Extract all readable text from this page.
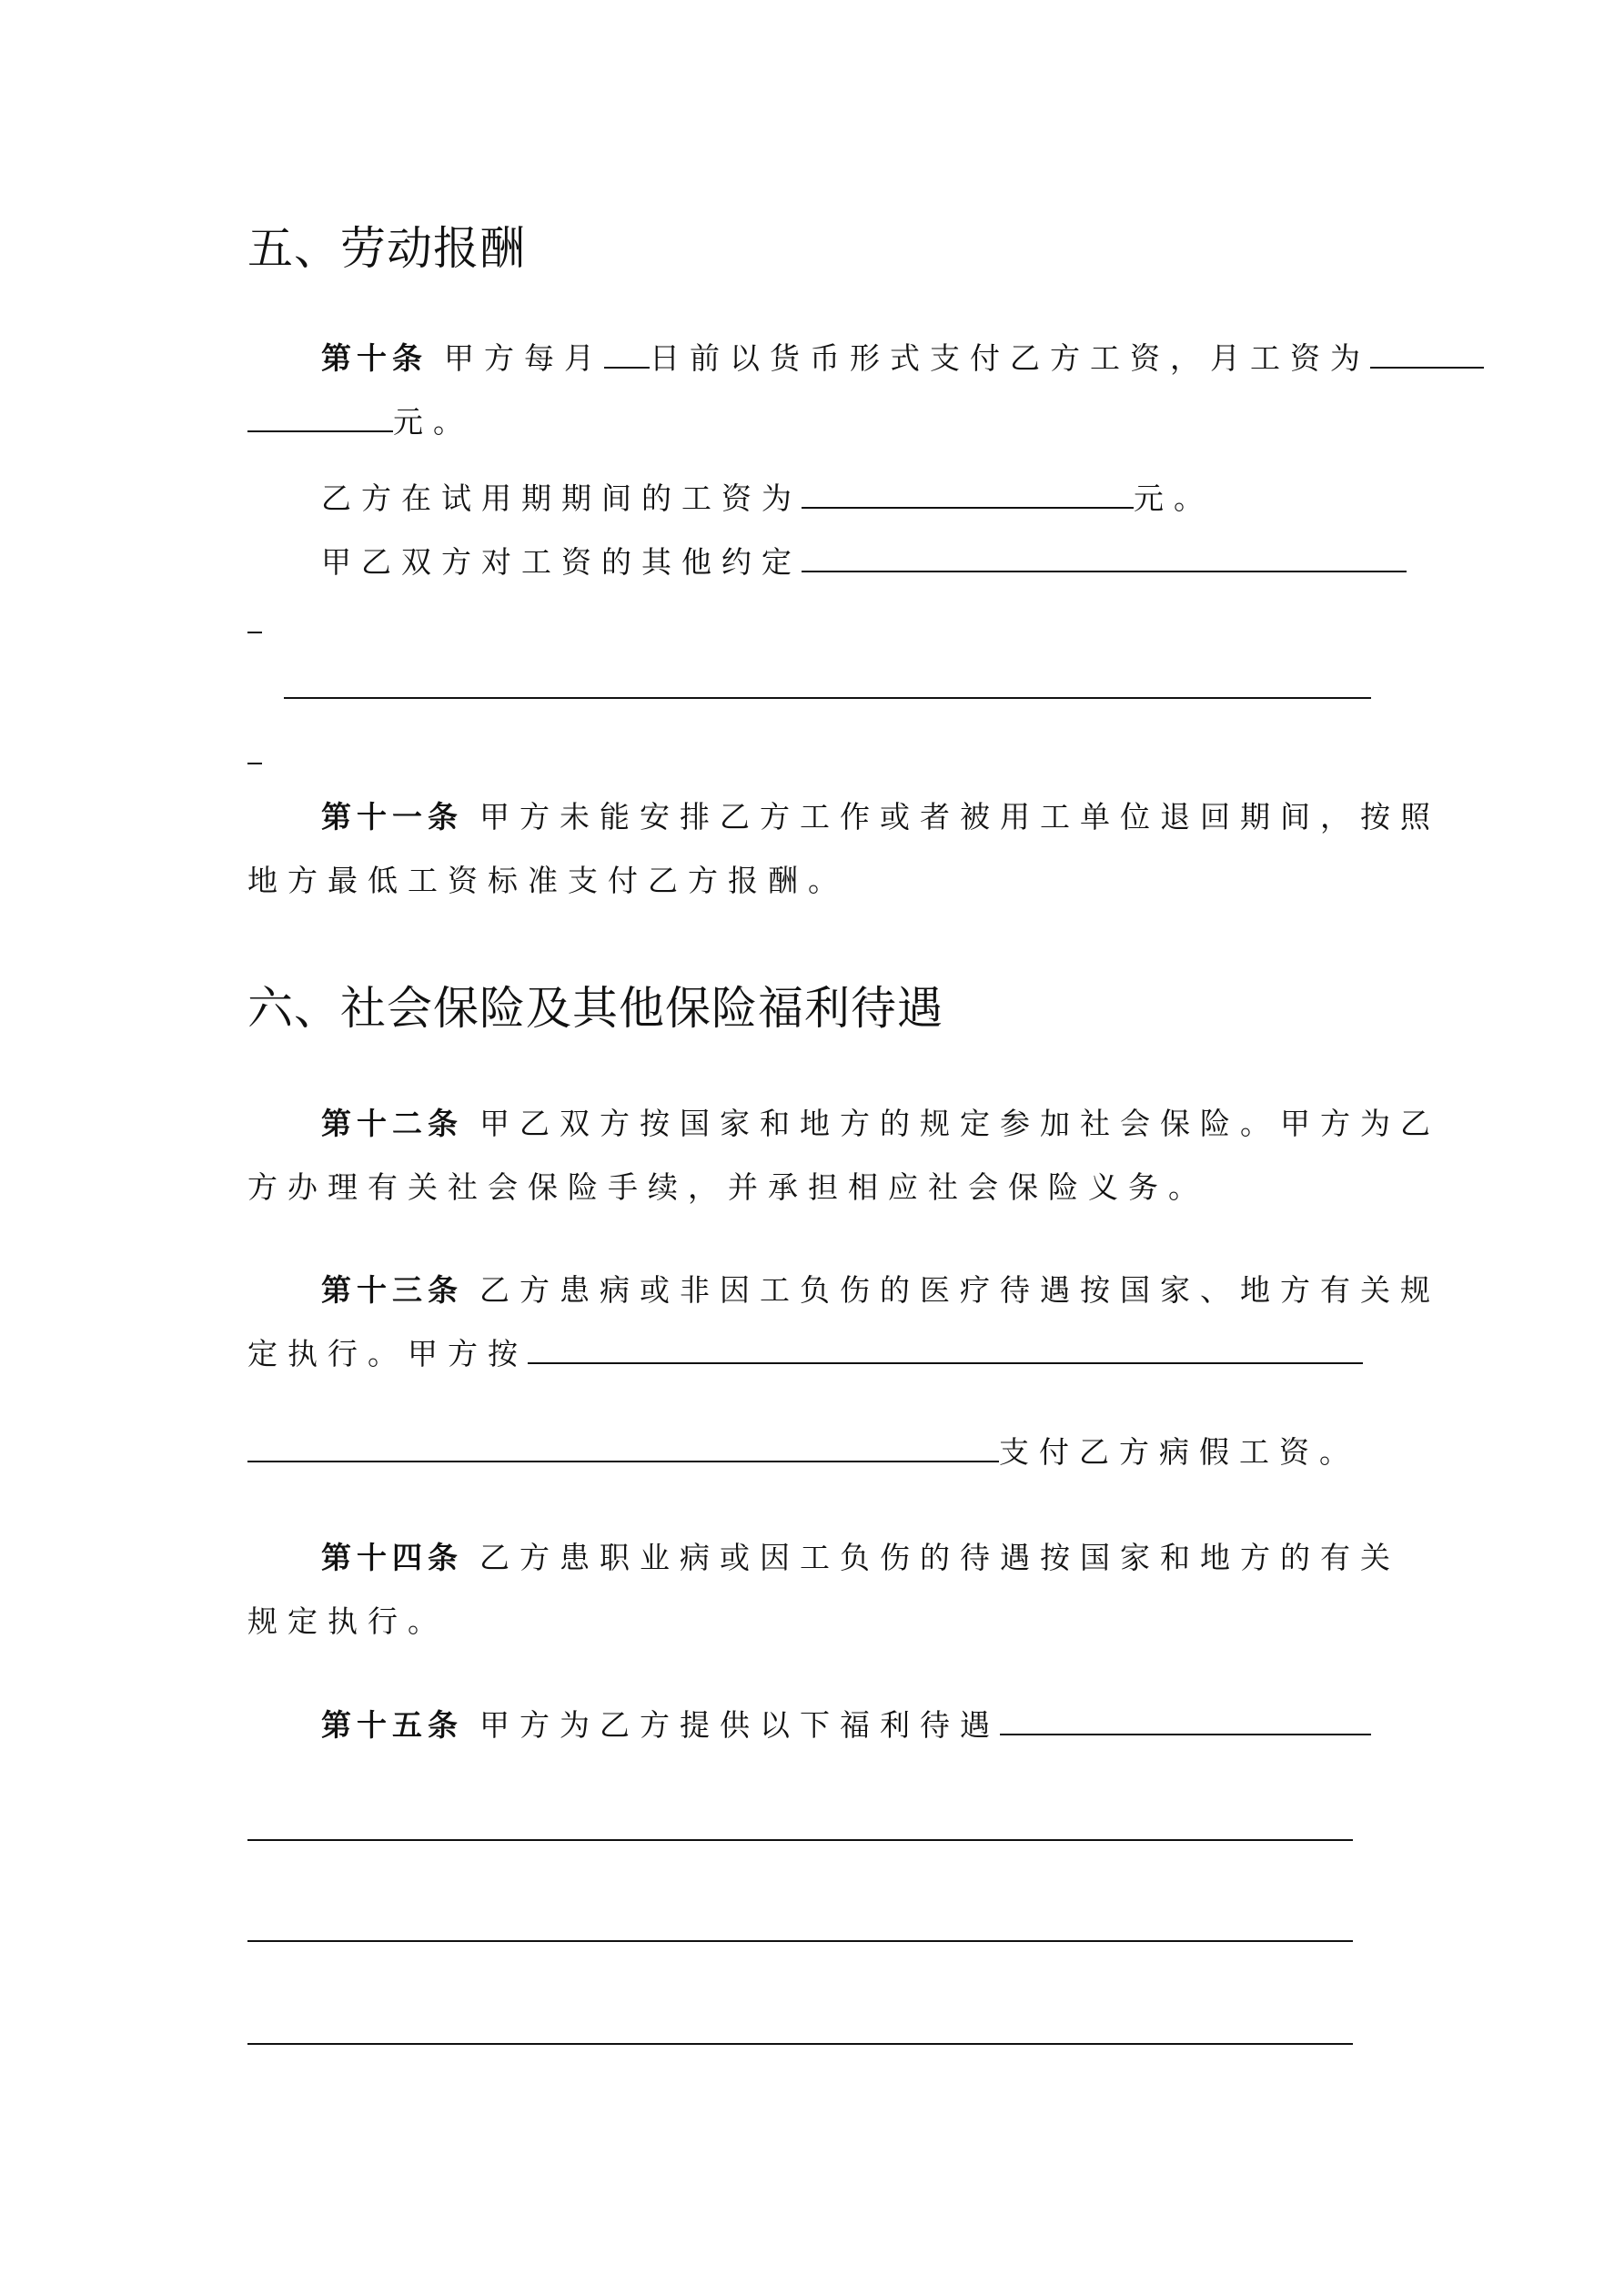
五、劳动报酬
第十条 甲方每月 日前以货币形式支付乙方工资，月工资为
元。
乙方在试用期期间的工资为	元。
甲乙双方对工资的其他约定
第十一条 甲方未能安排乙方工作或者被用工单位退回期间，按照
地方最低工资标准支付乙方报酬。
六、社会保险及其他保险福利待遇
第十二条 甲乙双方按国家和地方的规定参加社会保险。甲方为乙
方办理有关社会保险手续，并承担相应社会保险义务。
第十三条 乙方患病或非因工负伤的医疗待遇按国家、地方有关规
定执行。甲方按
支付乙方病假工资。
第十四条 乙方患职业病或因工负伤的待遇按国家和地方的有关
规定执行。
第十五条 甲方为乙方提供以下福利待遇
